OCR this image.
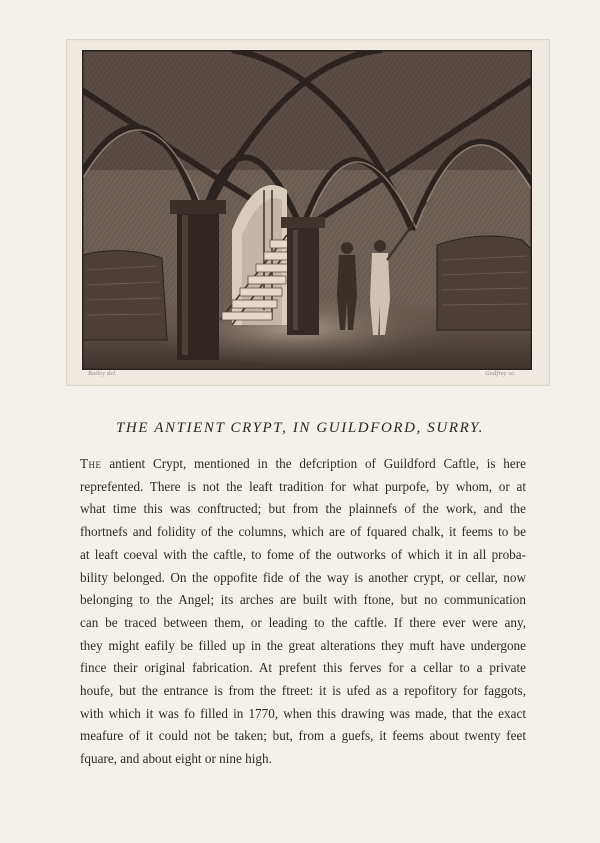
Bailey del.	Godfrey sc.
THE ANTIENT CRYPT, IN GUILDFORD, SURRY.
The antient Crypt, mentioned in the defcription of Guildford Caftle, is here
reprefented. There is not the leaft tradition for what purpofe, by whom, or at
what time this was conftructed; but from the plainnefs of the work, and the
fhortnefs and folidity of the columns, which are of fquared chalk, it feems to be
at leaft coeval with the caftle, to fome of the outworks of which it in all proba-
bility belonged. On the oppofite fide of the way is another crypt, or cellar, now
belonging to the Angel; its arches are built with ftone, but no communication
can be traced between them, or leading to the caftle. If there ever were any,
they might eafily be filled up in the great alterations they muft have undergone
fince their original fabrication. At prefent this ferves for a cellar to a private
houfe, but the entrance is from the ftreet: it is ufed as a repofitory for faggots,
with which it was fo filled in 1770, when this drawing was made, that the exact
meafure of it could not be taken; but, from a guefs, it feems about twenty feet
fquare, and about eight or nine high.
